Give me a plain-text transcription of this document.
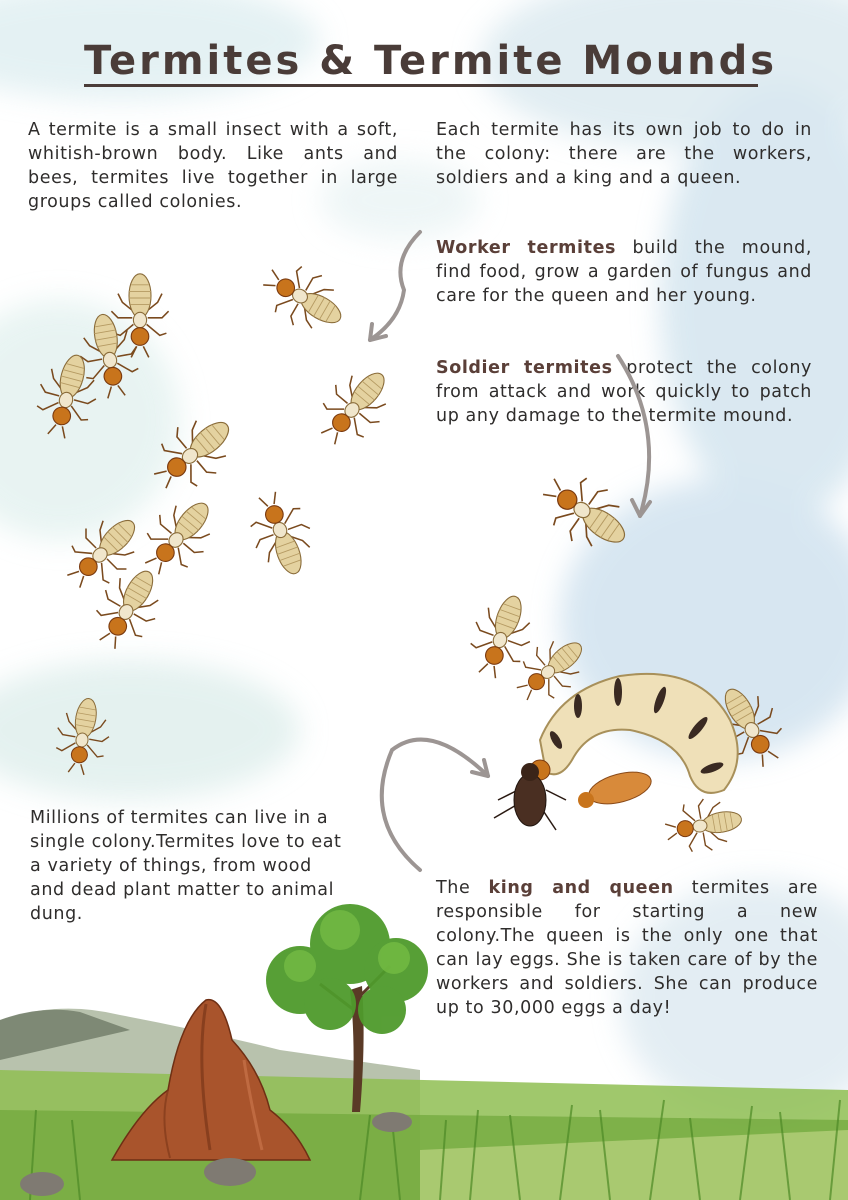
Termites & Termite Mounds
A termite is a small insect with a soft, whitish-brown body. Like ants and bees, termites live together in large groups called colonies.
Each termite has its own job to do in the colony: there are the workers, soldiers and a king and a queen.
Worker termites build the mound, find food, grow a garden of fungus and care for the queen and her young.
Soldier termites protect the colony from attack and work quickly to patch up any damage to the termite mound.
Millions of termites can live in a single colony.Termites love to eat a variety of things, from wood and dead plant matter to animal dung.
The king and queen termites are responsible for starting a new colony.The queen is the only one that can lay eggs. She is taken care of by the workers and soldiers. She can produce up to 30,000 eggs a day!
